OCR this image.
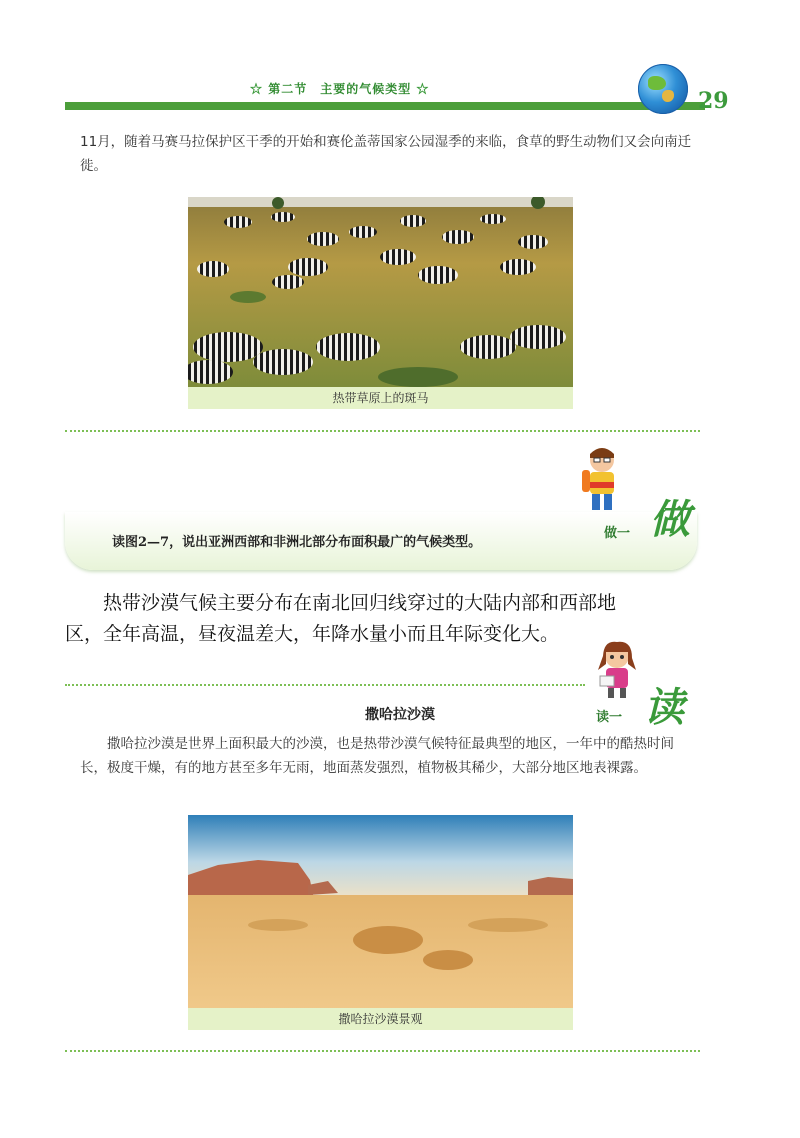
☆ 第二节　主要的气候类型 ☆	29
11月，随着马赛马拉保护区干季的开始和赛伦盖蒂国家公园湿季的来临，食草的野生动物们又会向南迁徙。
热带草原上的斑马
读图2—7，说出亚洲西部和非洲北部分布面积最广的气候类型。
做一 做
热带沙漠气候主要分布在南北回归线穿过的大陆内部和西部地区，全年高温，昼夜温差大，年降水量小而且年际变化大。
读一 读
撒哈拉沙漠
撒哈拉沙漠是世界上面积最大的沙漠，也是热带沙漠气候特征最典型的地区，一年中的酷热时间长，极度干燥，有的地方甚至多年无雨，地面蒸发强烈，植物极其稀少，大部分地区地表裸露。
撒哈拉沙漠景观
